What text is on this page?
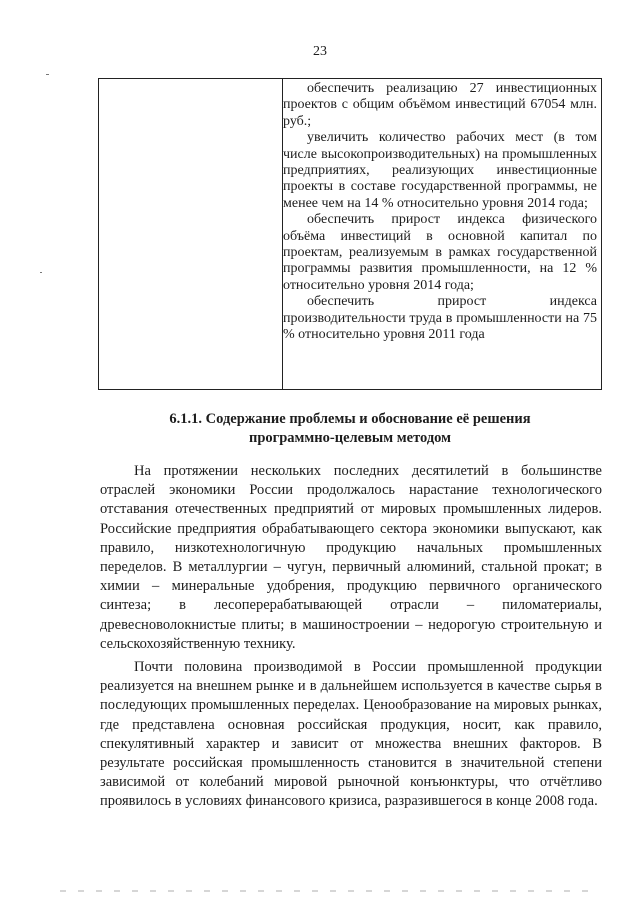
23

обеспечить реализацию 27 инвестиционных проектов с общим объёмом инвестиций 67054 млн. руб.;

увеличить количество рабочих мест (в том числе высокопроизводительных) на промышленных предприятиях, реализующих инвестиционные проекты в составе государственной программы, не менее чем на 14 % относительно уровня 2014 года;

обеспечить прирост индекса физического объёма инвестиций в основной капитал по проектам, реализуемым в рамках государственной программы развития промышленности, на 12 % относительно уровня 2014 года;

обеспечить прирост индекса производительности труда в промышленности на 75 % относительно уровня 2011 года

6.1.1. Содержание проблемы и обоснование её решения
программно-целевым методом

На протяжении нескольких последних десятилетий в большинстве отраслей экономики России продолжалось нарастание технологического отставания отечественных предприятий от мировых промышленных лидеров. Российские предприятия обрабатывающего сектора экономики выпускают, как правило, низкотехнологичную продукцию начальных промышленных переделов. В металлургии – чугун, первичный алюминий, стальной прокат; в химии – минеральные удобрения, продукцию первичного органического синтеза; в лесоперерабатывающей отрасли – пиломатериалы, древесноволокнистые плиты; в машиностроении – недорогую строительную и сельскохозяйственную технику.

Почти половина производимой в России промышленной продукции реализуется на внешнем рынке и в дальнейшем используется в качестве сырья в последующих промышленных переделах. Ценообразование на мировых рынках, где представлена основная российская продукция, носит, как правило, спекулятивный характер и зависит от множества внешних факторов. В результате российская промышленность становится в значительной степени зависимой от колебаний мировой рыночной конъюнктуры, что отчётливо проявилось в условиях финансового кризиса, разразившегося в конце 2008 года.
